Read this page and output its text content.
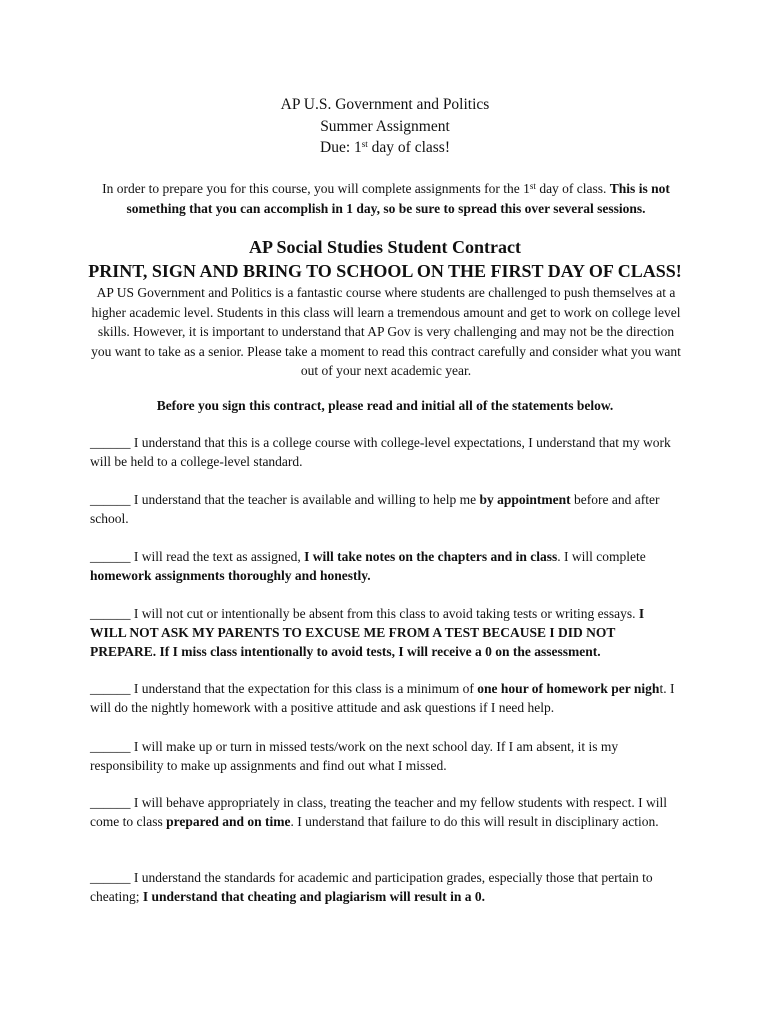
AP U.S. Government and Politics
Summer Assignment
Due: 1st day of class!
In order to prepare you for this course, you will complete assignments for the 1st day of class. This is not something that you can accomplish in 1 day, so be sure to spread this over several sessions.
AP Social Studies Student Contract
PRINT, SIGN AND BRING TO SCHOOL ON THE FIRST DAY OF CLASS!
AP US Government and Politics is a fantastic course where students are challenged to push themselves at a higher academic level. Students in this class will learn a tremendous amount and get to work on college level skills. However, it is important to understand that AP Gov is very challenging and may not be the direction you want to take as a senior. Please take a moment to read this contract carefully and consider what you want out of your next academic year.
Before you sign this contract, please read and initial all of the statements below.
______ I understand that this is a college course with college-level expectations, I understand that my work will be held to a college-level standard.
______ I understand that the teacher is available and willing to help me by appointment before and after school.
______ I will read the text as assigned, I will take notes on the chapters and in class. I will complete homework assignments thoroughly and honestly.
______ I will not cut or intentionally be absent from this class to avoid taking tests or writing essays. I WILL NOT ASK MY PARENTS TO EXCUSE ME FROM A TEST BECAUSE I DID NOT PREPARE. If I miss class intentionally to avoid tests, I will receive a 0 on the assessment.
______ I understand that the expectation for this class is a minimum of one hour of homework per night. I will do the nightly homework with a positive attitude and ask questions if I need help.
______ I will make up or turn in missed tests/work on the next school day. If I am absent, it is my responsibility to make up assignments and find out what I missed.
______ I will behave appropriately in class, treating the teacher and my fellow students with respect. I will come to class prepared and on time. I understand that failure to do this will result in disciplinary action.
______ I understand the standards for academic and participation grades, especially those that pertain to cheating; I understand that cheating and plagiarism will result in a 0.
